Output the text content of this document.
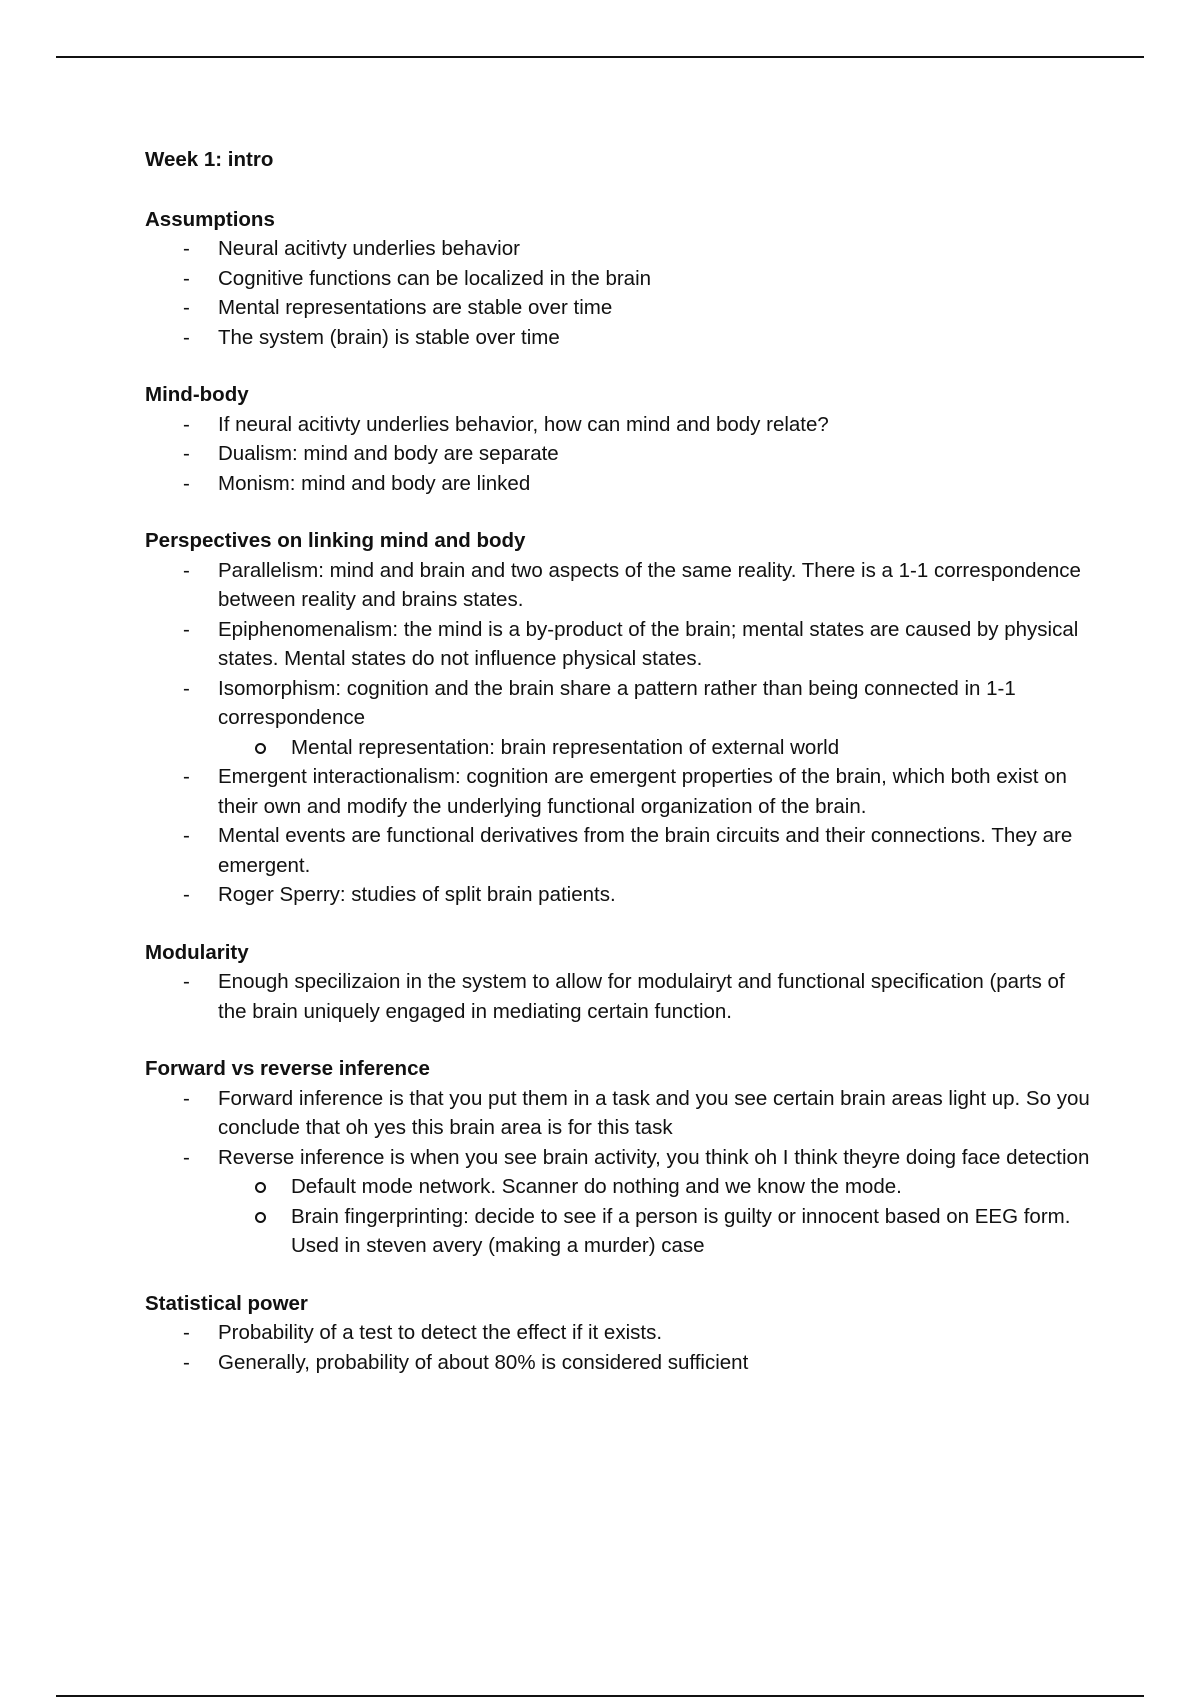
Week 1: intro
Assumptions
- Neural acitivty underlies behavior
- Cognitive functions can be localized in the brain
- Mental representations are stable over time
- The system (brain) is stable over time
Mind-body
- If neural acitivty underlies behavior, how can mind and body relate?
- Dualism: mind and body are separate
- Monism: mind and body are linked
Perspectives on linking mind and body
- Parallelism: mind and brain and two aspects of the same reality. There is a 1-1 correspondence between reality and brains states.
- Epiphenomenalism: the mind is a by-product of the brain; mental states are caused by physical states. Mental states do not influence physical states.
- Isomorphism: cognition and the brain share a pattern rather than being connected in 1-1 correspondence
Mental representation: brain representation of external world
- Emergent interactionalism: cognition are emergent properties of the brain, which both exist on their own and modify the underlying functional organization of the brain.
- Mental events are functional derivatives from the brain circuits and their connections. They are emergent.
- Roger Sperry: studies of split brain patients.
Modularity
- Enough specilizaion in the system to allow for modulairyt and functional specification (parts of the brain uniquely engaged in mediating certain function.
Forward vs reverse inference
- Forward inference is that you put them in a task and you see certain brain areas light up. So you conclude that oh yes this brain area is for this task
- Reverse inference is when you see brain activity, you think oh I think theyre doing face detection
Default mode network. Scanner do nothing and we know the mode.
Brain fingerprinting: decide to see if a person is guilty or innocent based on EEG form. Used in steven avery (making a murder) case
Statistical power
- Probability of a test to detect the effect if it exists.
- Generally, probability of about 80% is considered sufficient
